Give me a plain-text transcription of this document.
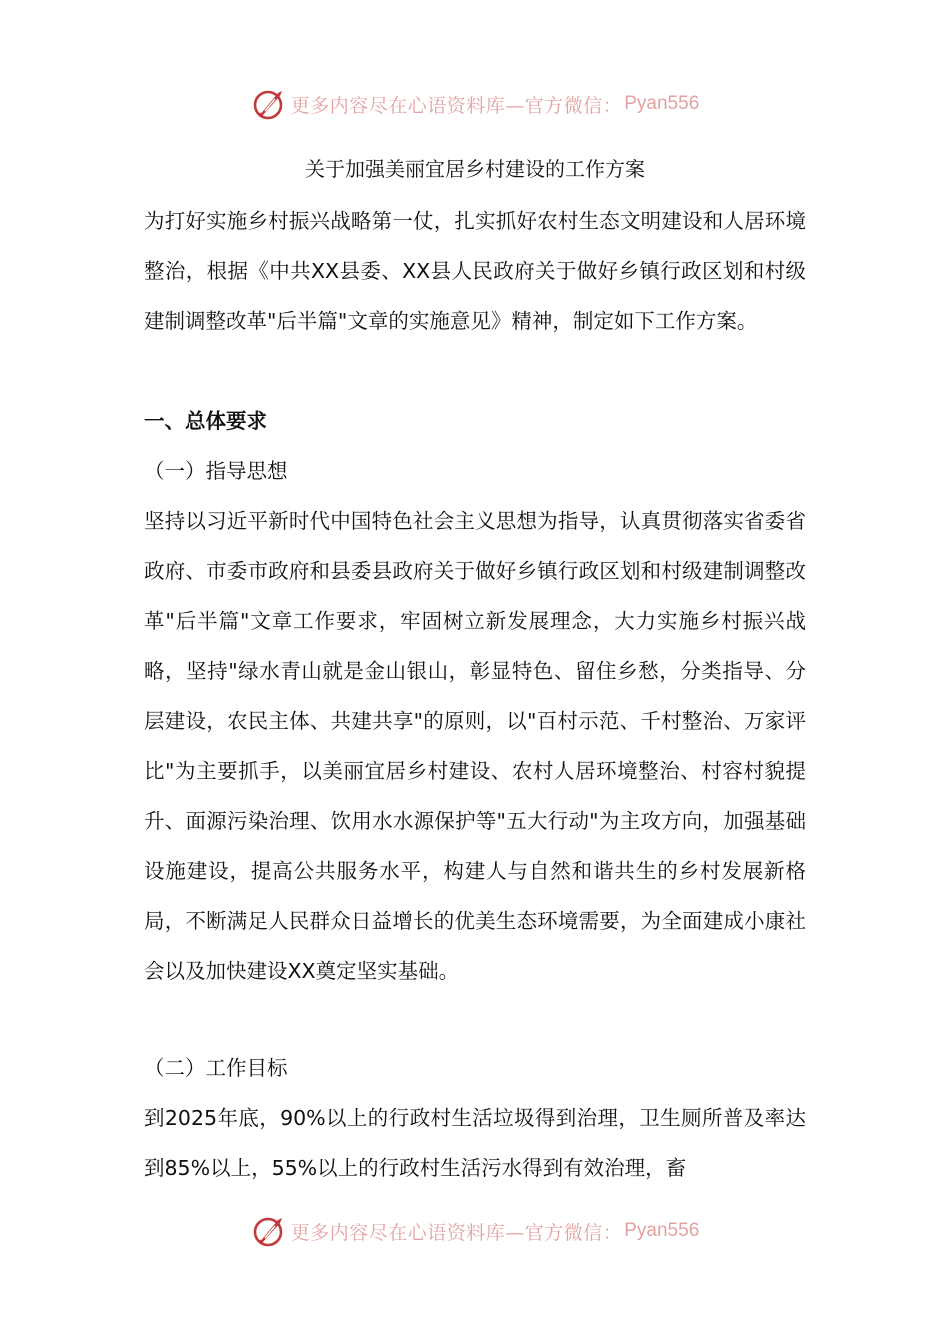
更多内容尽在心语资料库—官方微信： Pyan556
关于加强美丽宜居乡村建设的工作方案

为打好实施乡村振兴战略第一仗，扎实抓好农村生态文明建设和人居环境整治，根据《中共XX县委、XX县人民政府关于做好乡镇行政区划和村级建制调整改革"后半篇"文章的实施意见》精神，制定如下工作方案。

一、总体要求
（一）指导思想

坚持以习近平新时代中国特色社会主义思想为指导，认真贯彻落实省委省政府、市委市政府和县委县政府关于做好乡镇行政区划和村级建制调整改革"后半篇"文章工作要求，牢固树立新发展理念，大力实施乡村振兴战略，坚持"绿水青山就是金山银山，彰显特色、留住乡愁，分类指导、分层建设，农民主体、共建共享"的原则，以"百村示范、千村整治、万家评比"为主要抓手，以美丽宜居乡村建设、农村人居环境整治、村容村貌提升、面源污染治理、饮用水水源保护等"五大行动"为主攻方向，加强基础设施建设，提高公共服务水平，构建人与自然和谐共生的乡村发展新格局，不断满足人民群众日益增长的优美生态环境需要，为全面建成小康社会以及加快建设XX奠定坚实基础。

（二）工作目标

到2025年底，90%以上的行政村生活垃圾得到治理，卫生厕所普及率达到85%以上，55%以上的行政村生活污水得到有效治理，畜

更多内容尽在心语资料库—官方微信： Pyan556
